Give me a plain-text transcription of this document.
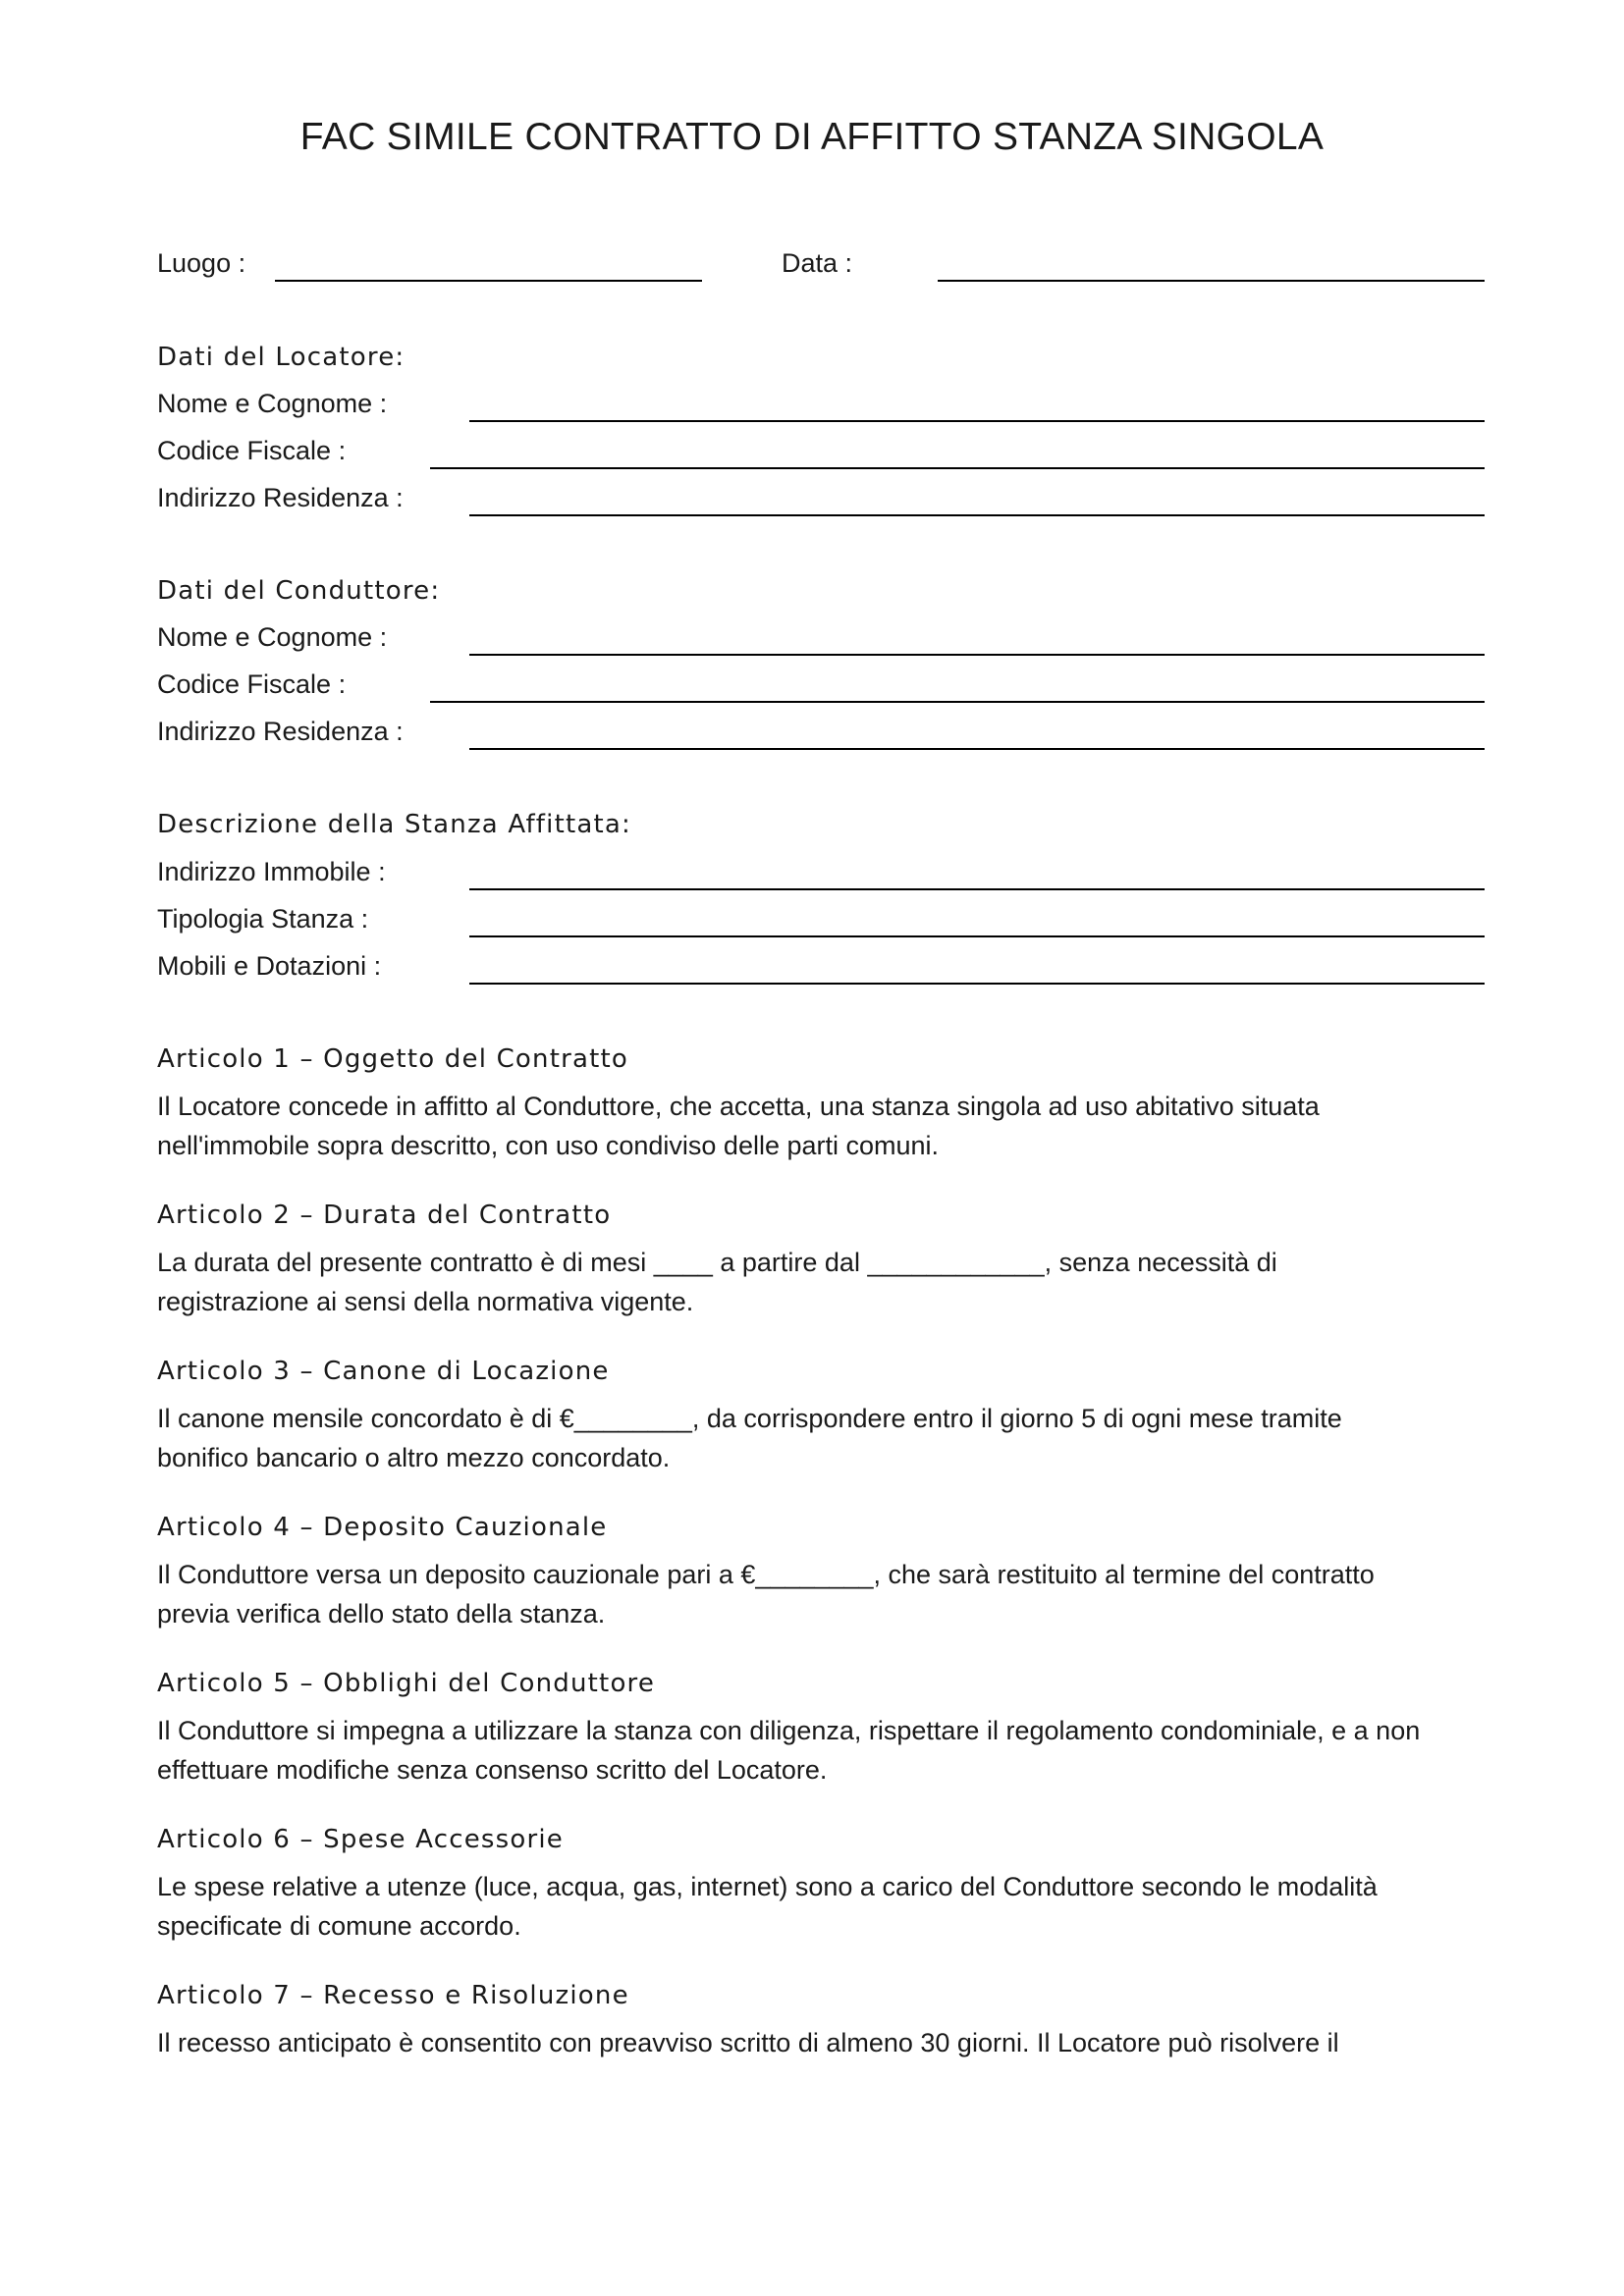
FAC SIMILE CONTRATTO DI AFFITTO STANZA SINGOLA
Luogo :	Data :
Dati del Locatore:
Nome e Cognome :
Codice Fiscale :
Indirizzo Residenza :
Dati del Conduttore:
Nome e Cognome :
Codice Fiscale :
Indirizzo Residenza :
Descrizione della Stanza Affittata:
Indirizzo Immobile :
Tipologia Stanza :
Mobili e Dotazioni :
Articolo 1 – Oggetto del Contratto
Il Locatore concede in affitto al Conduttore, che accetta, una stanza singola ad uso abitativo situata
nell'immobile sopra descritto, con uso condiviso delle parti comuni.
Articolo 2 – Durata del Contratto
La durata del presente contratto è di mesi ____ a partire dal ____________, senza necessità di
registrazione ai sensi della normativa vigente.
Articolo 3 – Canone di Locazione
Il canone mensile concordato è di €________, da corrispondere entro il giorno 5 di ogni mese tramite
bonifico bancario o altro mezzo concordato.
Articolo 4 – Deposito Cauzionale
Il Conduttore versa un deposito cauzionale pari a €________, che sarà restituito al termine del contratto
previa verifica dello stato della stanza.
Articolo 5 – Obblighi del Conduttore
Il Conduttore si impegna a utilizzare la stanza con diligenza, rispettare il regolamento condominiale, e a non
effettuare modifiche senza consenso scritto del Locatore.
Articolo 6 – Spese Accessorie
Le spese relative a utenze (luce, acqua, gas, internet) sono a carico del Conduttore secondo le modalità
specificate di comune accordo.
Articolo 7 – Recesso e Risoluzione
Il recesso anticipato è consentito con preavviso scritto di almeno 30 giorni. Il Locatore può risolvere il
